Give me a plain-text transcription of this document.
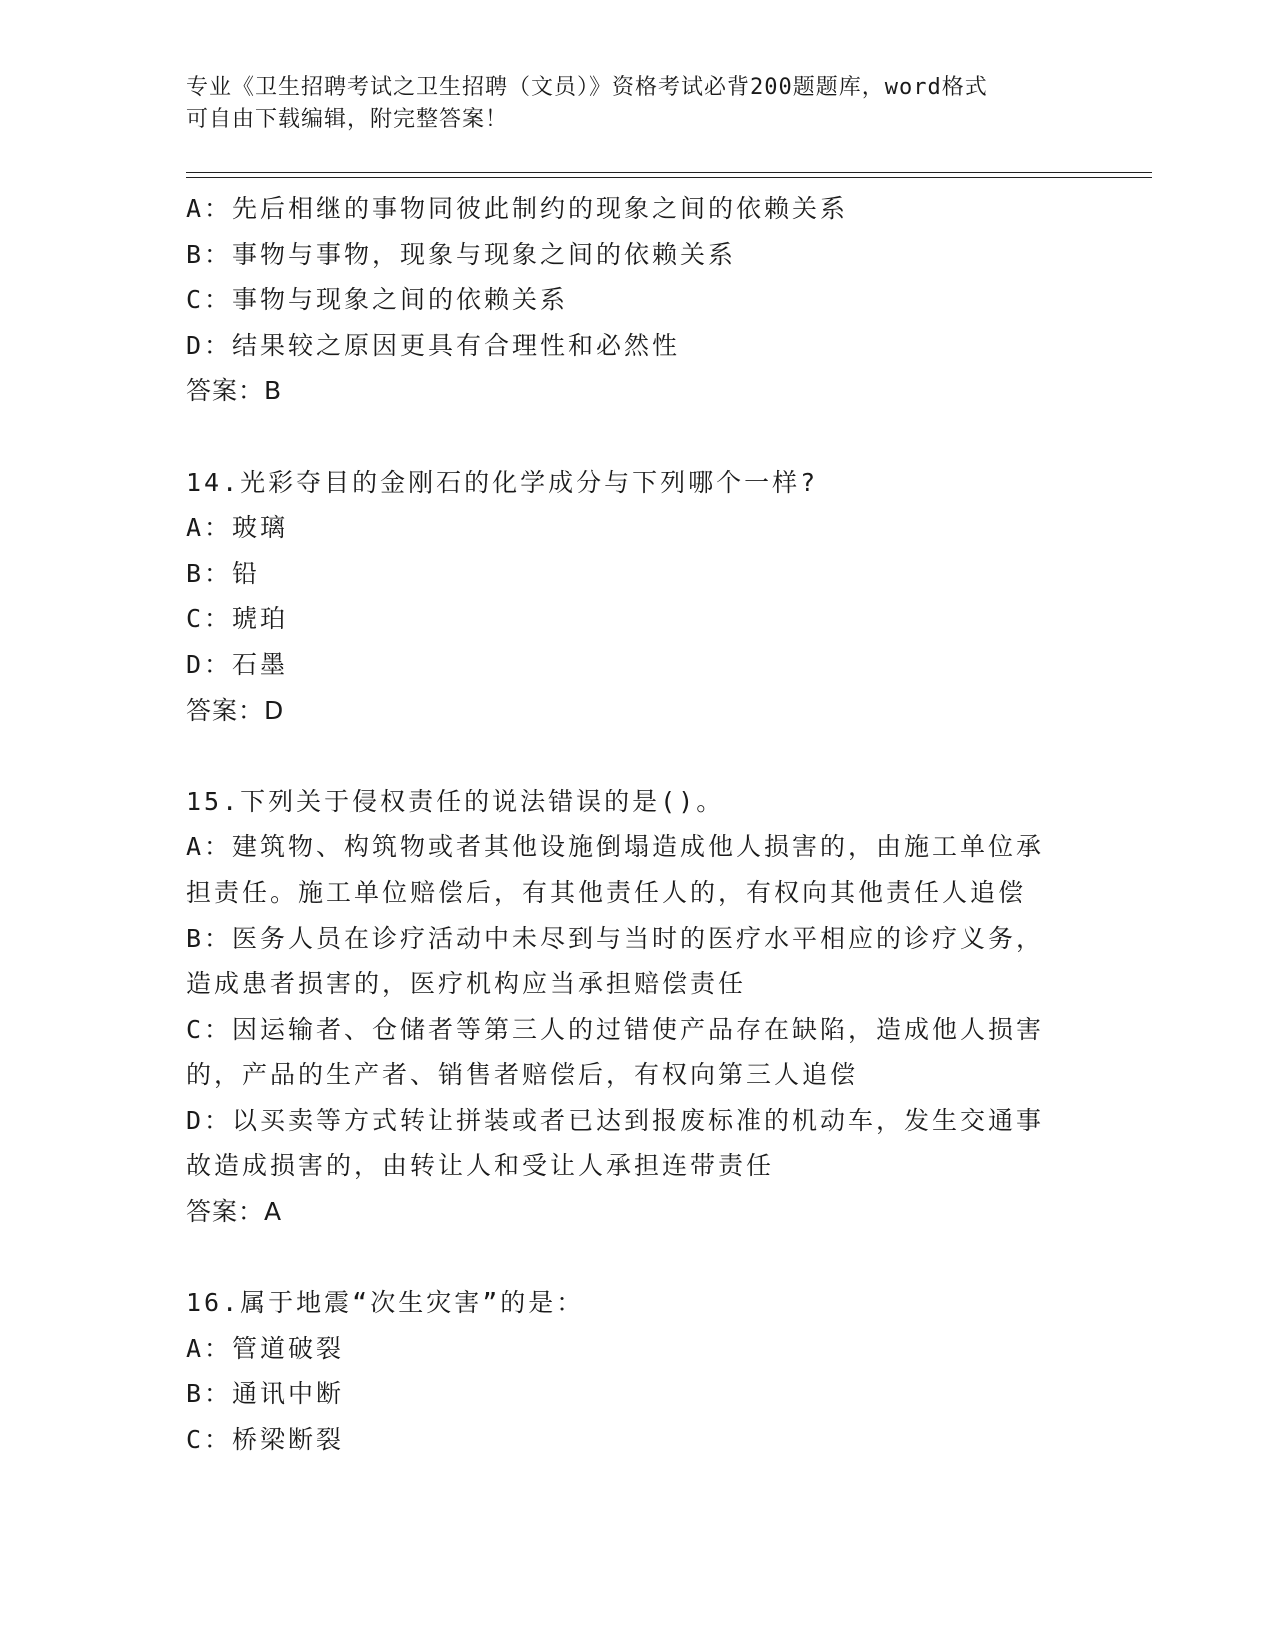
专业《卫生招聘考试之卫生招聘（文员）》资格考试必背200题题库，word格式
可自由下载编辑，附完整答案！
A：先后相继的事物同彼此制约的现象之间的依赖关系
B：事物与事物，现象与现象之间的依赖关系
C：事物与现象之间的依赖关系
D：结果较之原因更具有合理性和必然性
答案：B
14.光彩夺目的金刚石的化学成分与下列哪个一样?
A：玻璃
B：铅
C：琥珀
D：石墨
答案：D
15.下列关于侵权责任的说法错误的是()。
A：建筑物、构筑物或者其他设施倒塌造成他人损害的，由施工单位承
担责任。施工单位赔偿后，有其他责任人的，有权向其他责任人追偿
B：医务人员在诊疗活动中未尽到与当时的医疗水平相应的诊疗义务，
造成患者损害的，医疗机构应当承担赔偿责任
C：因运输者、仓储者等第三人的过错使产品存在缺陷，造成他人损害
的，产品的生产者、销售者赔偿后，有权向第三人追偿
D：以买卖等方式转让拼装或者已达到报废标准的机动车，发生交通事
故造成损害的，由转让人和受让人承担连带责任
答案：A
16.属于地震“次生灾害”的是：
A：管道破裂
B：通讯中断
C：桥梁断裂
